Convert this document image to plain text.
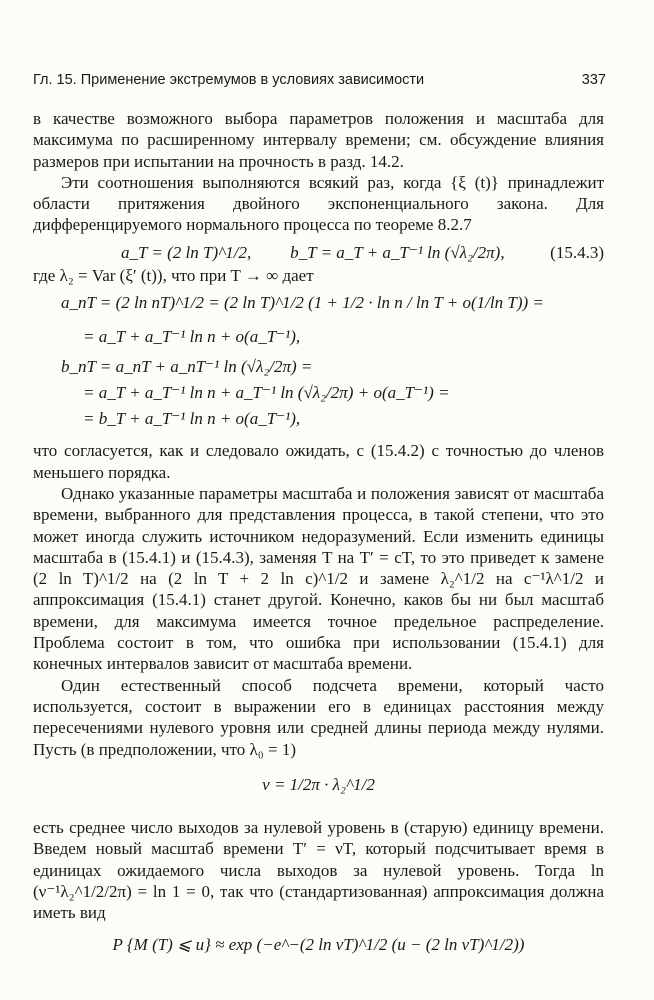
Гл. 15. Применение экстремумов в условиях зависимости	337

в качестве возможного выбора параметров положения и масштаба для максимума по расширенному интервалу времени; см. обсуждение влияния размеров при испытании на прочность в разд. 14.2.

Эти соотношения выполняются всякий раз, когда {ξ (t)} принадлежит области притяжения двойного экспоненциального закона. Для дифференцируемого нормального процесса по теореме 8.2.7

a_T = (2 ln T)^1/2,	b_T = a_T + a_T⁻¹ ln (√λ₂/2π),	(15.4.3)

где λ₂ = Var (ξ′ (t)), что при T → ∞ дает

a_nT = (2 ln nT)^1/2 = (2 ln T)^1/2 (1 + 1/2 · ln n / ln T + o(1/ln T)) =
= a_T + a_T⁻¹ ln n + o(a_T⁻¹),
b_nT = a_nT + a_nT⁻¹ ln (√λ₂/2π) =
= a_T + a_T⁻¹ ln n + a_T⁻¹ ln (√λ₂/2π) + o(a_T⁻¹) =
= b_T + a_T⁻¹ ln n + o(a_T⁻¹),

что согласуется, как и следовало ожидать, с (15.4.2) с точностью до членов меньшего порядка.

Однако указанные параметры масштаба и положения зависят от масштаба времени, выбранного для представления процесса, в такой степени, что это может иногда служить источником недоразумений. Если изменить единицы масштаба в (15.4.1) и (15.4.3), заменяя T на T′ = cT, то это приведет к замене (2 ln T)^1/2 на (2 ln T + 2 ln c)^1/2 и замене λ₂^1/2 на c⁻¹λ^1/2 и аппроксимация (15.4.1) станет другой. Конечно, каков бы ни был масштаб времени, для максимума имеется точное предельное распределение. Проблема состоит в том, что ошибка при использовании (15.4.1) для конечных интервалов зависит от масштаба времени.

Один естественный способ подсчета времени, который часто используется, состоит в выражении его в единицах расстояния между пересечениями нулевого уровня или средней длины периода между нулями. Пусть (в предположении, что λ₀ = 1)

ν = 1/2π · λ₂^1/2

есть среднее число выходов за нулевой уровень в (старую) единицу времени. Введем новый масштаб времени T′ = νT, который подсчитывает время в единицах ожидаемого числа выходов за нулевой уровень. Тогда ln (ν⁻¹λ₂^1/2/2π) = ln 1 = 0, так что (стандартизованная) аппроксимация должна иметь вид

P {M (T) ⩽ u} ≈ exp (−e^−(2 ln νT)^1/2 (u − (2 ln νT)^1/2))
